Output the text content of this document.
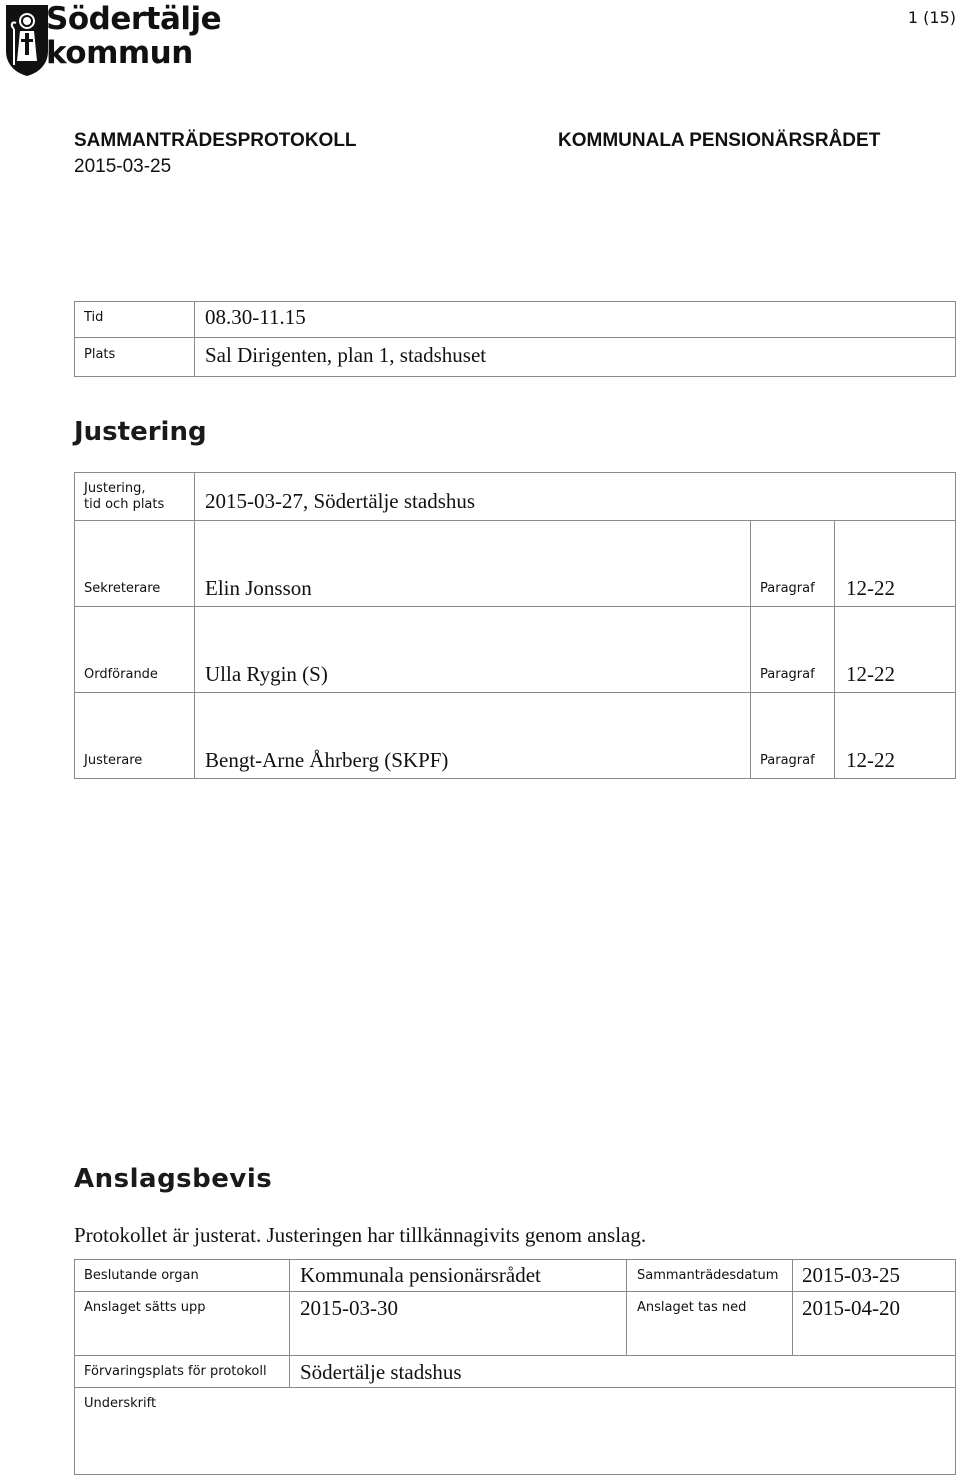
Södertälje
kommun
1 (15)
SAMMANTRÄDESPROTOKOLL	KOMMUNALA PENSIONÄRSRÅDET
2015-03-25
Tid	08.30-11.15
Plats	Sal Dirigenten, plan 1, stadshuset
Justering
Justering,
tid och plats 2015-03-27, Södertälje stadshus
Sekreterare Elin Jonsson	Paragraf 12-22
Ordförande Ulla Rygin (S)	Paragraf 12-22
Justerare	Bengt-Arne Åhrberg (SKPF)	Paragraf 12-22
Anslagsbevis
Protokollet är justerat. Justeringen har tillkännagivits genom anslag.
Beslutande organ	Kommunala pensionärsrådet	Sammanträdesdatum 2015-03-25
Anslaget sätts upp	2015-03-30	Anslaget tas ned	2015-04-20
Förvaringsplats för protokoll Södertälje stadshus
Underskrift
